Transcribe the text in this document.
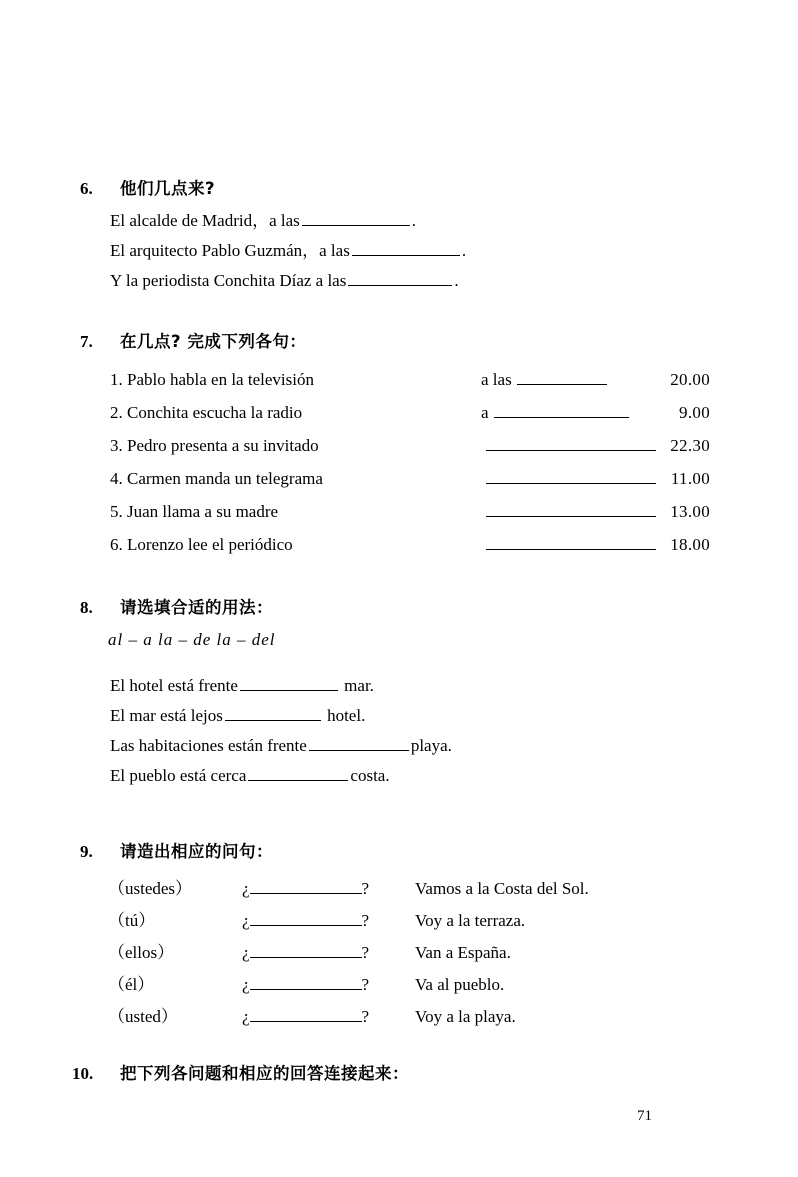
6.	他们几点来?
El alcalde de Madrid，a las	.
El arquitecto Pablo Guzmán，a las	.
Y la periodista Conchita Díaz a las	.
7.	在几点? 完成下列各句：
1. Pablo habla en la televisión	a las	20.00
2. Conchita escucha la radio	a	9.00
3. Pedro presenta a su invitado	22.30
4. Carmen manda un telegrama	11.00
5. Juan llama a su madre	13.00
6. Lorenzo lee el periódico	18.00
8.	请选填合适的用法：
al – a la – de la – del
El hotel está frente	mar.
El mar está lejos	hotel.
Las habitaciones están frente	playa.
El pueblo está cerca	costa.
9.	请造出相应的问句：
（ustedes）	¿	?	Vamos a la Costa del Sol.
（tú）	¿	?	Voy a la terraza.
（ellos）	¿	?	Van a España.
（él）	¿	?	Va al pueblo.
（usted）	¿	?	Voy a la playa.
10.	把下列各问题和相应的回答连接起来：
71
